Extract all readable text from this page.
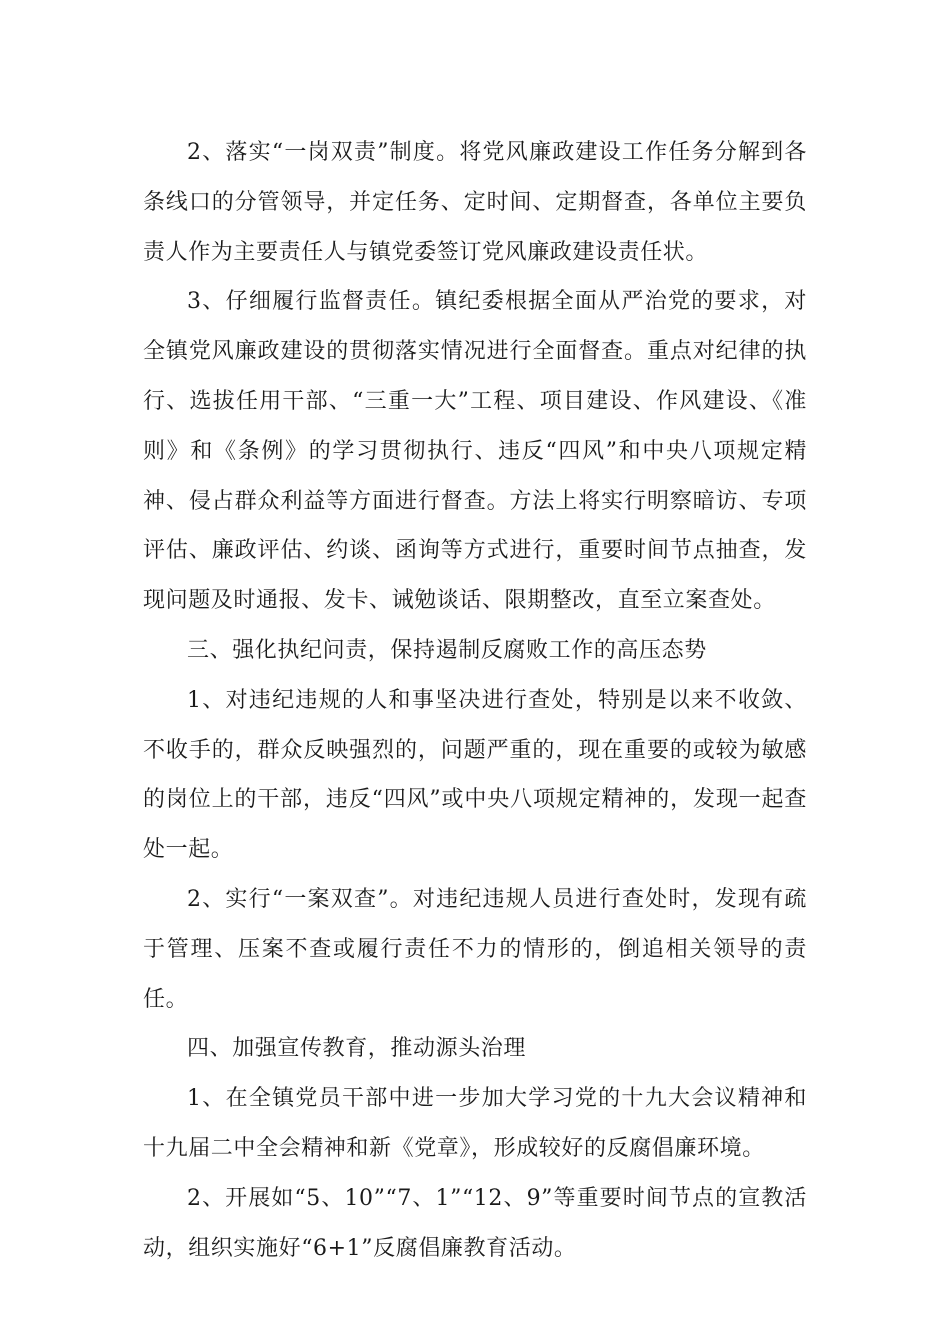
2、落实“一岗双责”制度。将党风廉政建设工作任务分解到各条线口的分管领导，并定任务、定时间、定期督查，各单位主要负责人作为主要责任人与镇党委签订党风廉政建设责任状。

3、仔细履行监督责任。镇纪委根据全面从严治党的要求，对全镇党风廉政建设的贯彻落实情况进行全面督查。重点对纪律的执行、选拔任用干部、“三重一大”工程、项目建设、作风建设、《准则》和《条例》的学习贯彻执行、违反“四风”和中央八项规定精神、侵占群众利益等方面进行督查。方法上将实行明察暗访、专项评估、廉政评估、约谈、函询等方式进行，重要时间节点抽查，发现问题及时通报、发卡、诫勉谈话、限期整改，直至立案查处。

三、强化执纪问责，保持遏制反腐败工作的高压态势

1、对违纪违规的人和事坚决进行查处，特别是以来不收敛、不收手的，群众反映强烈的，问题严重的，现在重要的或较为敏感的岗位上的干部，违反“四风”或中央八项规定精神的，发现一起查处一起。

2、实行“一案双查”。对违纪违规人员进行查处时，发现有疏于管理、压案不查或履行责任不力的情形的，倒追相关领导的责任。

四、加强宣传教育，推动源头治理

1、在全镇党员干部中进一步加大学习党的十九大会议精神和十九届二中全会精神和新《党章》，形成较好的反腐倡廉环境。

2、开展如“5、10”“7、1”“12、9”等重要时间节点的宣教活动，组织实施好“6+1”反腐倡廉教育活动。
